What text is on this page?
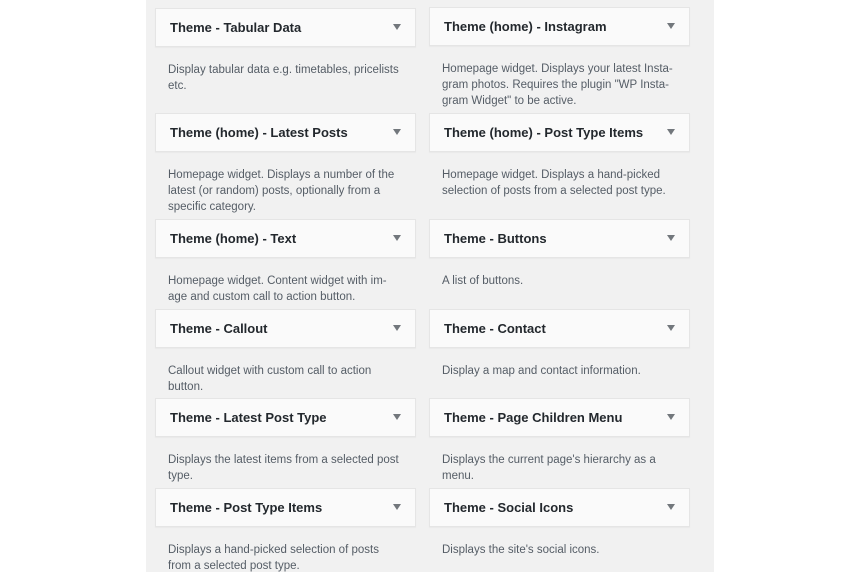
Theme - Tabular Data

Display tabular data e.g. timetables, pricelists etc.

Theme (home) - Instagram

Homepage widget. Displays your latest Insta-gram photos. Requires the plugin "WP Insta-gram Widget" to be active.

Theme (home) - Latest Posts

Homepage widget. Displays a number of the latest (or random) posts, optionally from a specific category.

Theme (home) - Post Type Items

Homepage widget. Displays a hand-picked selection of posts from a selected post type.

Theme (home) - Text

Homepage widget. Content widget with im-age and custom call to action button.

Theme - Buttons

A list of buttons.

Theme - Callout

Callout widget with custom call to action button.

Theme - Contact

Display a map and contact information.

Theme - Latest Post Type

Displays the latest items from a selected post type.

Theme - Page Children Menu

Displays the current page's hierarchy as a menu.

Theme - Post Type Items

Displays a hand-picked selection of posts from a selected post type.

Theme - Social Icons

Displays the site's social icons.
